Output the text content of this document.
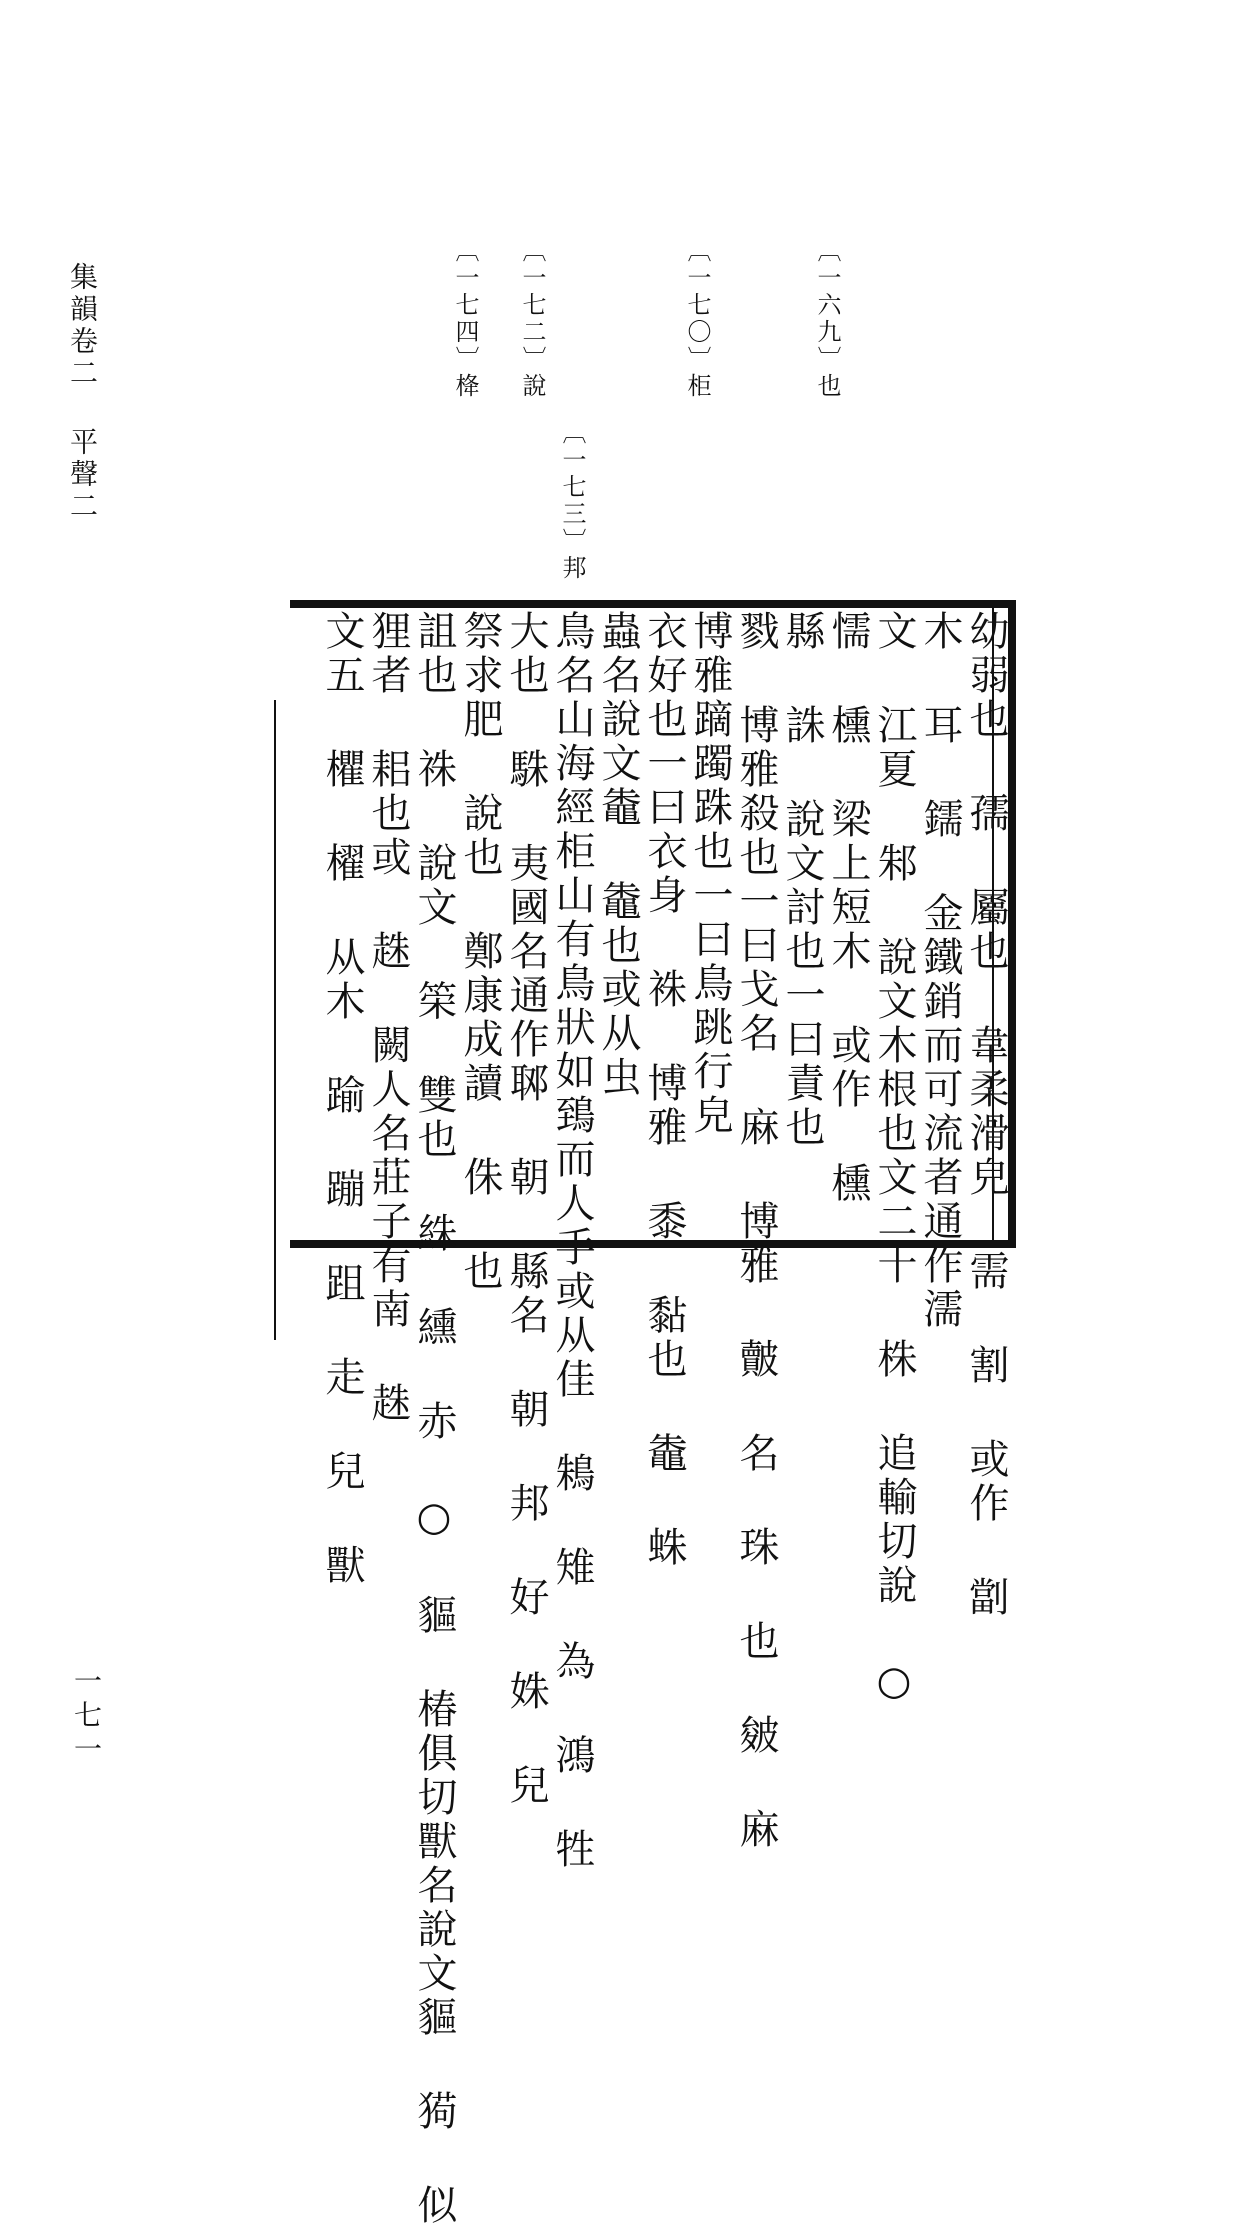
集韻卷二 平聲二
一七一
〔一六九〕也
〔一七〇〕柜
〔一七三〕邦
〔一七二〕說
〔一七四〕栙
幼弱也 孺 屬也 韋柔滑皃 需 割 或作 劏
木 耳 鑐 金鐵銷而可流者通作濡
文 江夏 邾 說文木根也文二十 株 追輸切說 ○
懦 櫄 梁上短木 或作 櫄
縣 誅 說文討也一曰責也
戮 博雅殺也一曰戈名 麻 博雅 皾 名 珠 也 皴 麻
博雅蹢躅跦也一曰鳥跳行皃
衣好也一曰衣身 袾 博雅 黍 黏也 鼄 蛛
蟲名說文鼄 鼄也或从虫
鳥名山海經柜山有鳥狀如鵄而人手或从佳 鴸 雉 為 鴻 牲
大也 駯 夷國名通作郰 朝 縣名 朝 邦 好 姝 兒
祭求肥 說也 鄭康成讀 侏 也
詛也 祩 說文 筞 雙也 絑 纁 赤 ○ 貙 椿俱切獸名說文貙 㺃 似
狸者 耜也或 趎 闕人名莊子有南 趎
文五 欋 櫂 从木 踰 蹦 跙 走 兒 獸
